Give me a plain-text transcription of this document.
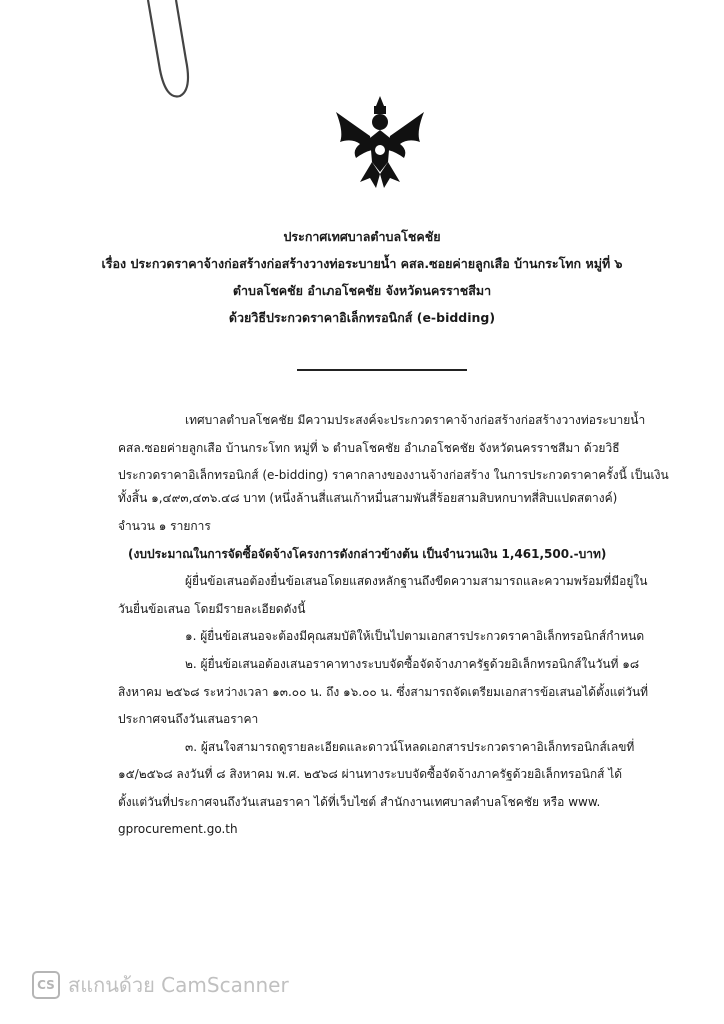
ประกาศเทศบาลตำบลโชคชัย
เรื่อง ประกวดราคาจ้างก่อสร้างก่อสร้างวางท่อระบายน้ำ คสล.ซอยค่ายลูกเสือ บ้านกระโทก หมู่ที่ ๖
ตำบลโชคชัย อำเภอโชคชัย จังหวัดนครราชสีมา
ด้วยวิธีประกวดราคาอิเล็กทรอนิกส์ (e-bidding)
เทศบาลตำบลโชคชัย มีความประสงค์จะประกวดราคาจ้างก่อสร้างก่อสร้างวางท่อระบายน้ำ
คสล.ซอยค่ายลูกเสือ บ้านกระโทก หมู่ที่ ๖ ตำบลโชคชัย อำเภอโชคชัย จังหวัดนครราชสีมา ด้วยวิธี
ประกวดราคาอิเล็กทรอนิกส์ (e-bidding) ราคากลางของงานจ้างก่อสร้าง ในการประกวดราคาครั้งนี้ เป็นเงิน
ทั้งสิ้น ๑,๔๙๓,๔๓๖.๔๘ บาท (หนึ่งล้านสี่แสนเก้าหมื่นสามพันสี่ร้อยสามสิบหกบาทสี่สิบแปดสตางค์)
จำนวน ๑ รายการ
(งบประมาณในการจัดซื้อจัดจ้างโครงการดังกล่าวข้างต้น เป็นจำนวนเงิน 1,461,500.-บาท)
ผู้ยื่นข้อเสนอต้องยื่นข้อเสนอโดยแสดงหลักฐานถึงขีดความสามารถและความพร้อมที่มีอยู่ใน
วันยื่นข้อเสนอ โดยมีรายละเอียดดังนี้
๑. ผู้ยื่นข้อเสนอจะต้องมีคุณสมบัติให้เป็นไปตามเอกสารประกวดราคาอิเล็กทรอนิกส์กำหนด
๒. ผู้ยื่นข้อเสนอต้องเสนอราคาทางระบบจัดซื้อจัดจ้างภาครัฐด้วยอิเล็กทรอนิกส์ในวันที่ ๑๘
สิงหาคม ๒๕๖๘ ระหว่างเวลา ๑๓.๐๐ น. ถึง ๑๖.๐๐ น. ซึ่งสามารถจัดเตรียมเอกสารข้อเสนอได้ตั้งแต่วันที่
ประกาศจนถึงวันเสนอราคา
๓. ผู้สนใจสามารถดูรายละเอียดและดาวน์โหลดเอกสารประกวดราคาอิเล็กทรอนิกส์เลขที่
๑๕/๒๕๖๘ ลงวันที่ ๘ สิงหาคม พ.ศ. ๒๕๖๘ ผ่านทางระบบจัดซื้อจัดจ้างภาครัฐด้วยอิเล็กทรอนิกส์ ได้
ตั้งแต่วันที่ประกาศจนถึงวันเสนอราคา ได้ที่เว็บไซต์ สำนักงานเทศบาลตำบลโชคชัย หรือ www.
gprocurement.go.th
CS สแกนด้วย CamScanner
